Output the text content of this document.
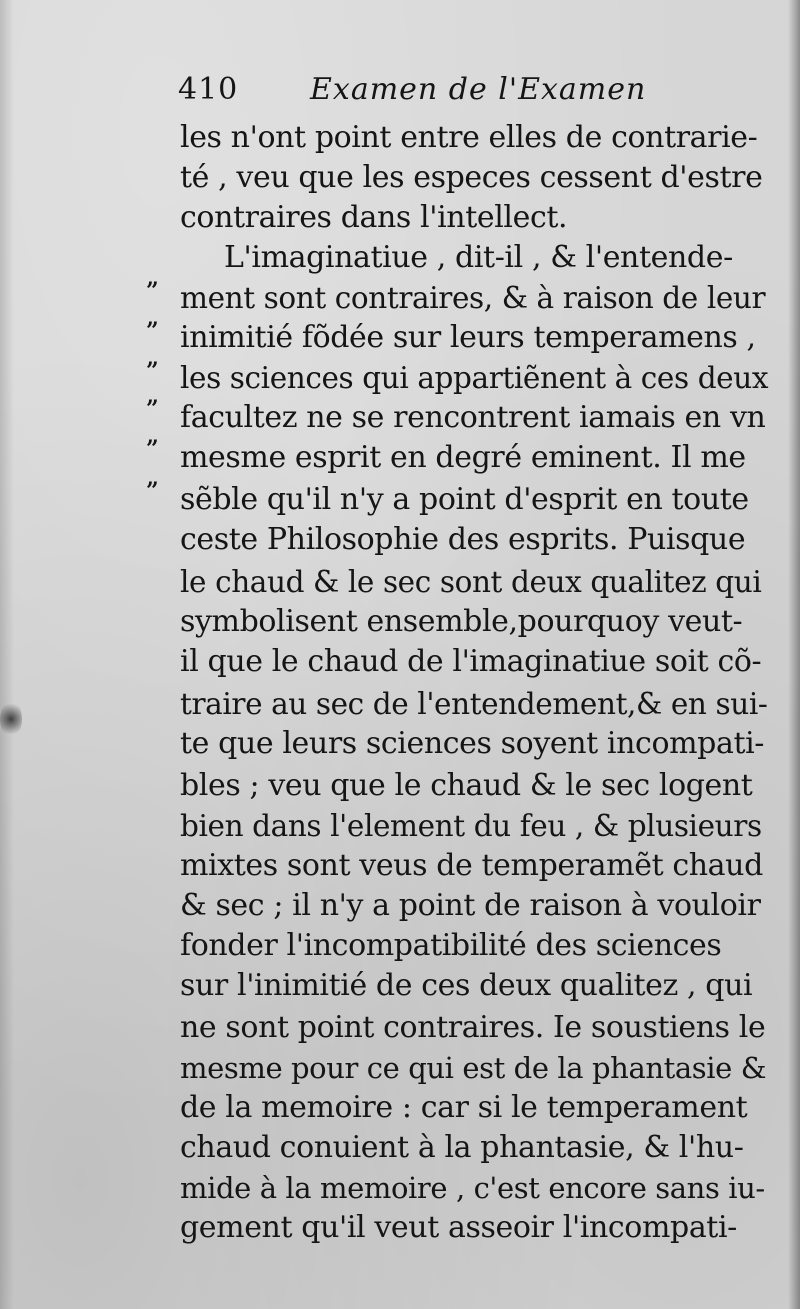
410 Examen de l'Examen
”
”
”
”
”
”
les n'ont point entre elles de contrarie-
té , veu que les especes cessent d'estre
contraires dans l'intellect.
L'imaginatiue , dit-il , & l'entende-
ment sont contraires, & à raison de leur
inimitié fõdée sur leurs temperamens ,
les sciences qui appartiẽnent à ces deux
facultez ne se rencontrent iamais en vn
mesme esprit en degré eminent. Il me
sẽble qu'il n'y a point d'esprit en toute
ceste Philosophie des esprits. Puisque
le chaud & le sec sont deux qualitez qui
symbolisent ensemble,pourquoy veut-
il que le chaud de l'imaginatiue soit cõ-
traire au sec de l'entendement,& en sui-
te que leurs sciences soyent incompati-
bles ; veu que le chaud & le sec logent
bien dans l'element du feu , & plusieurs
mixtes sont veus de temperamẽt chaud
& sec ; il n'y a point de raison à vouloir
fonder l'incompatibilité des sciences
sur l'inimitié de ces deux qualitez , qui
ne sont point contraires. Ie soustiens le
mesme pour ce qui est de la phantasie &
de la memoire : car si le temperament
chaud conuient à la phantasie, & l'hu-
mide à la memoire , c'est encore sans iu-
gement qu'il veut asseoir l'incompati-
